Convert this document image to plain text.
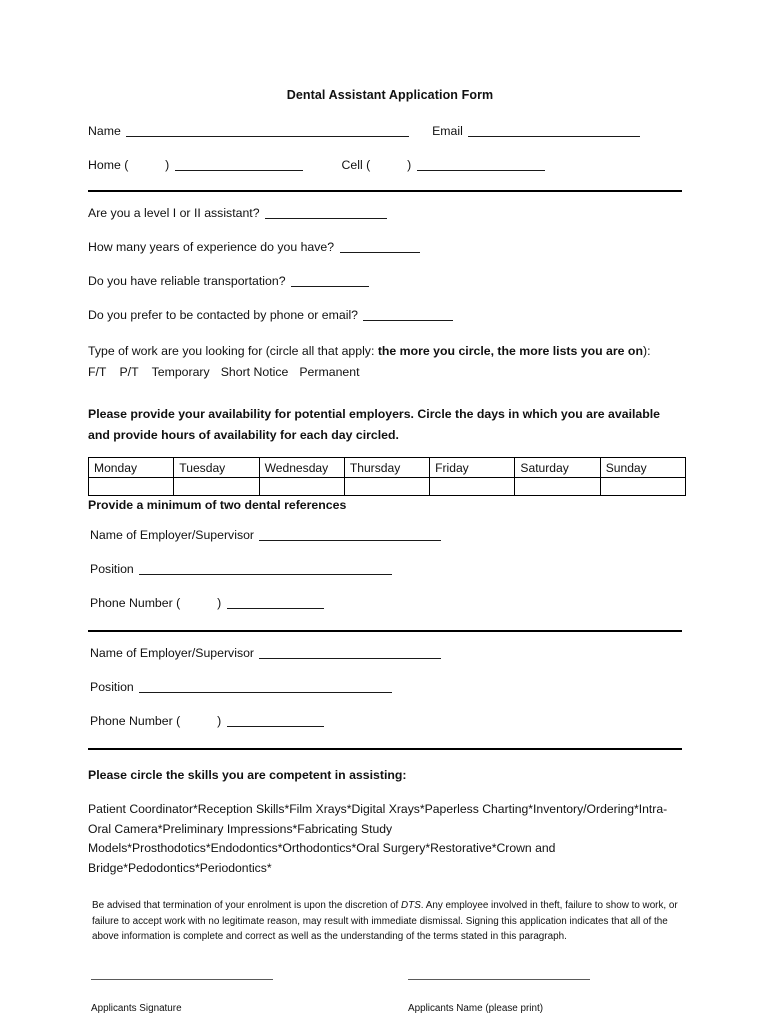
Dental Assistant Application Form
Name	Email
Home (	)	Cell (	)
Are you a level I or II assistant?
How many years of experience do you have?
Do you have reliable transportation?
Do you prefer to be contacted by phone or email?
Type of work are you looking for (circle all that apply: the more you circle, the more lists you are on):
F/T P/T Temporary Short Notice Permanent
Please provide your availability for potential employers. Circle the days in which you are available
and provide hours of availability for each day circled.
Monday	Tuesday	Wednesday	Thursday	Friday	Saturday	Sunday

Provide a minimum of two dental references
Name of Employer/Supervisor
Position
Phone Number (	)
Name of Employer/Supervisor
Position
Phone Number (	)
Please circle the skills you are competent in assisting:
Patient Coordinator*Reception Skills*Film Xrays*Digital Xrays*Paperless Charting*Inventory/Ordering*Intra-Oral Camera*Preliminary Impressions*Fabricating Study Models*Prosthodotics*Endodontics*Orthodontics*Oral Surgery*Restorative*Crown and Bridge*Pedodontics*Periodontics*
Be advised that termination of your enrolment is upon the discretion of DTS. Any employee involved in theft, failure to show to work, or failure to accept work with no legitimate reason, may result with immediate dismissal. Signing this application indicates that all of the above information is complete and correct as well as the understanding of the terms stated in this paragraph.
Applicants Signature	Applicants Name (please print)
